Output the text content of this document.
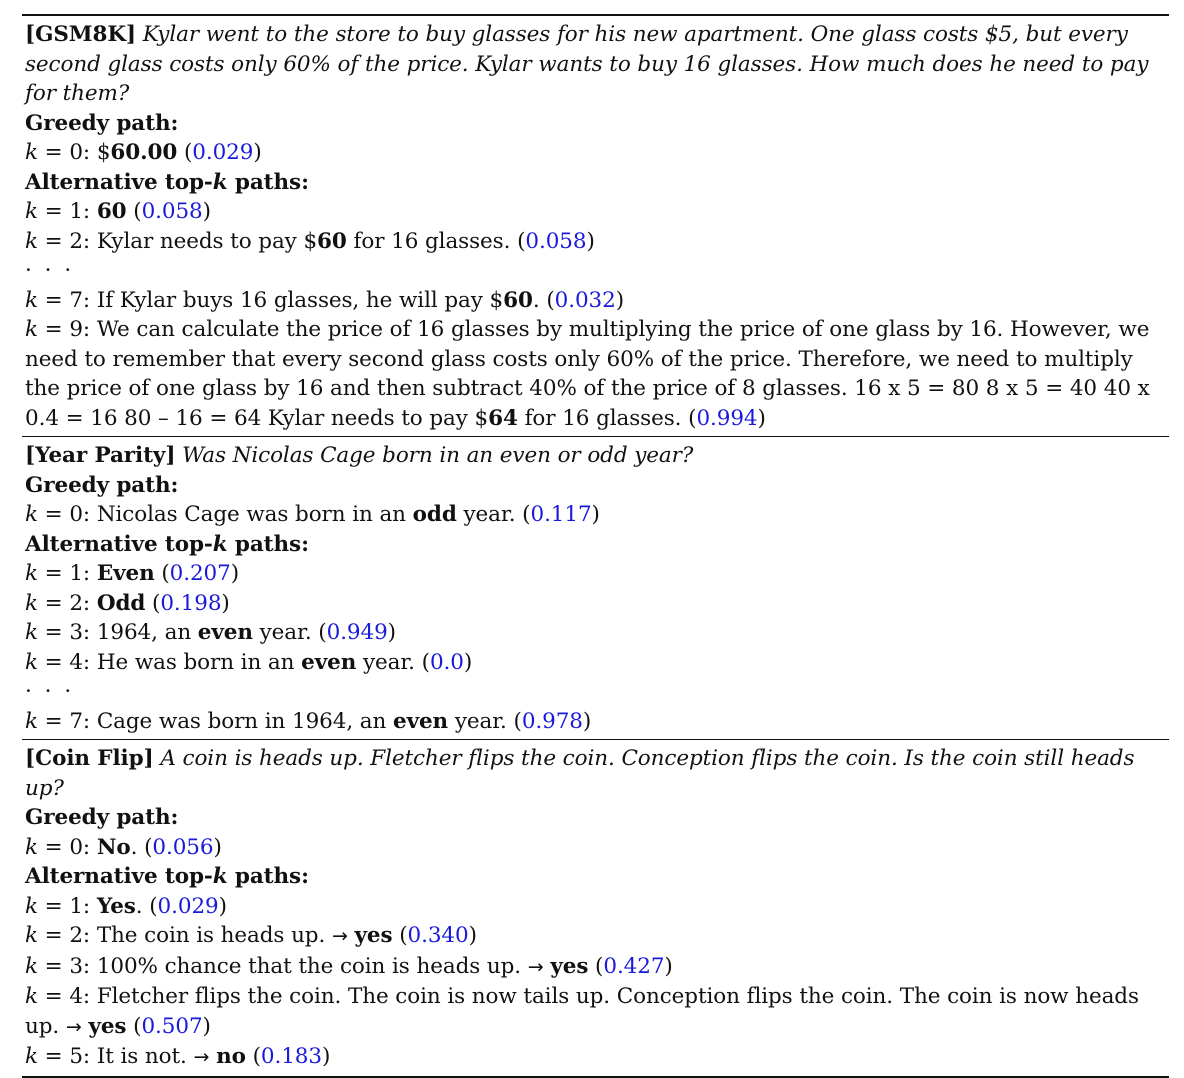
[GSM8K] Kylar went to the store to buy glasses for his new apartment. One glass costs $5, but every second glass costs only 60% of the price. Kylar wants to buy 16 glasses. How much does he need to pay for them?
Greedy path:
k = 0: $60.00 (0.029)
Alternative top-k paths:
k = 1: 60 (0.058)
k = 2: Kylar needs to pay $60 for 16 glasses. (0.058)
· · ·
k = 7: If Kylar buys 16 glasses, he will pay $60. (0.032)
k = 9: We can calculate the price of 16 glasses by multiplying the price of one glass by 16. However, we need to remember that every second glass costs only 60% of the price. Therefore, we need to multiply the price of one glass by 16 and then subtract 40% of the price of 8 glasses. 16 x 5 = 80 8 x 5 = 40 40 x 0.4 = 16 80 – 16 = 64 Kylar needs to pay $64 for 16 glasses. (0.994)
[Year Parity] Was Nicolas Cage born in an even or odd year?
Greedy path:
k = 0: Nicolas Cage was born in an odd year. (0.117)
Alternative top-k paths:
k = 1: Even (0.207)
k = 2: Odd (0.198)
k = 3: 1964, an even year. (0.949)
k = 4: He was born in an even year. (0.0)
· · ·
k = 7: Cage was born in 1964, an even year. (0.978)
[Coin Flip] A coin is heads up. Fletcher flips the coin. Conception flips the coin. Is the coin still heads up?
Greedy path:
k = 0: No. (0.056)
Alternative top-k paths:
k = 1: Yes. (0.029)
k = 2: The coin is heads up. → yes (0.340)
k = 3: 100% chance that the coin is heads up. → yes (0.427)
k = 4: Fletcher flips the coin. The coin is now tails up. Conception flips the coin. The coin is now heads up. → yes (0.507)
k = 5: It is not. → no (0.183)
